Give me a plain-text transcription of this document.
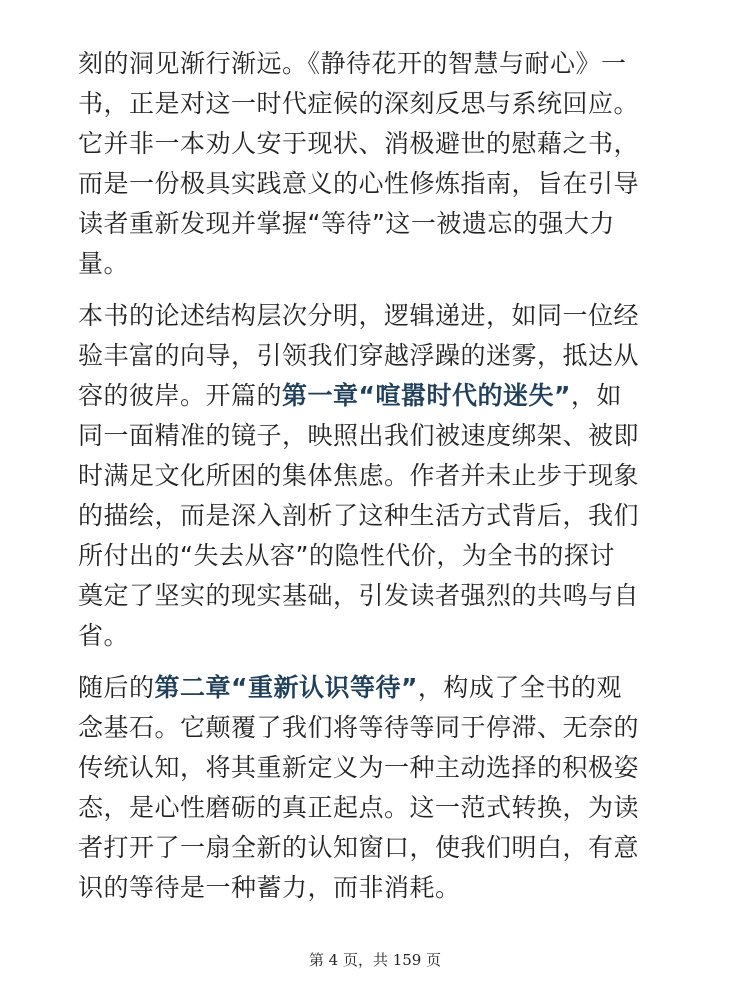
刻的洞见渐行渐远。《静待花开的智慧与耐心》一
书，正是对这一时代症候的深刻反思与系统回应。
它并非一本劝人安于现状、消极避世的慰藉之书，
而是一份极具实践意义的心性修炼指南，旨在引导
读者重新发现并掌握“等待”这一被遗忘的强大力
量。
本书的论述结构层次分明，逻辑递进，如同一位经
验丰富的向导，引领我们穿越浮躁的迷雾，抵达从
容的彼岸。开篇的第一章“喧嚣时代的迷失”，如
同一面精准的镜子，映照出我们被速度绑架、被即
时满足文化所困的集体焦虑。作者并未止步于现象
的描绘，而是深入剖析了这种生活方式背后，我们
所付出的“失去从容”的隐性代价，为全书的探讨
奠定了坚实的现实基础，引发读者强烈的共鸣与自
省。
随后的第二章“重新认识等待”，构成了全书的观
念基石。它颠覆了我们将等待等同于停滞、无奈的
传统认知，将其重新定义为一种主动选择的积极姿
态，是心性磨砺的真正起点。这一范式转换，为读
者打开了一扇全新的认知窗口，使我们明白，有意
识的等待是一种蓄力，而非消耗。
第 4 页，共 159 页
